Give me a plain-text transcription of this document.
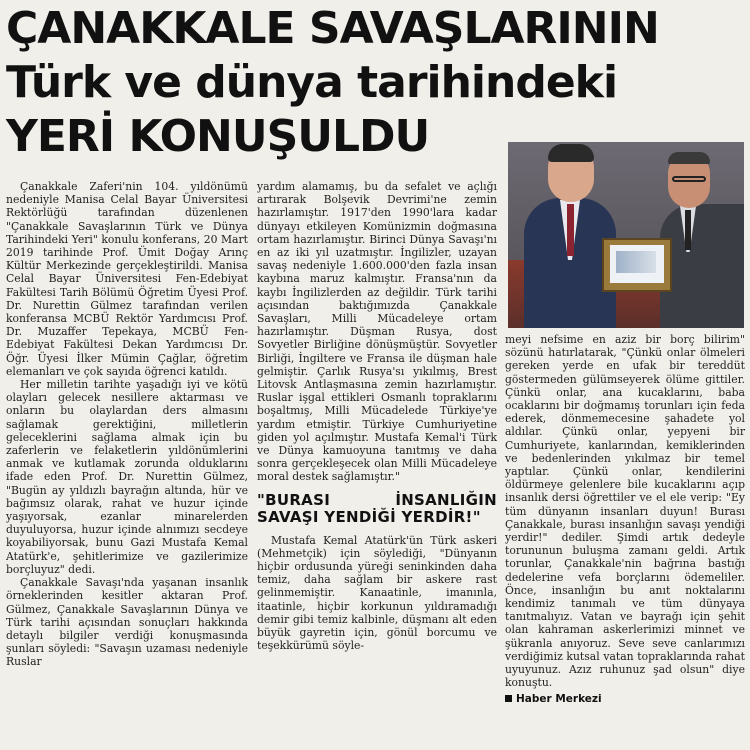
ÇANAKKALE SAVAŞLARININ
Türk ve dünya tarihindeki
YERİ KONUŞULDU

Çanakkale Zaferi'nin 104. yıldönümü nedeniyle Manisa Celal Bayar Üniversitesi Rektörlüğü tarafından düzenlenen "Çanakkale Savaşlarının Türk ve Dünya Tarihindeki Yeri" konulu konferans, 20 Mart 2019 tarihinde Prof. Ümit Doğay Arınç Kültür Merkezinde gerçekleştirildi. Manisa Celal Bayar Üniversitesi Fen-Edebiyat Fakültesi Tarih Bölümü Öğretim Üyesi Prof. Dr. Nurettin Gülmez tarafından verilen konferansa MCBÜ Rektör Yardımcısı Prof. Dr. Muzaffer Tepekaya, MCBÜ Fen-Edebiyat Fakültesi Dekan Yardımcısı Dr. Öğr. Üyesi İlker Mümin Çağlar, öğretim elemanları ve çok sayıda öğrenci katıldı.

Her milletin tarihte yaşadığı iyi ve kötü olayları gelecek nesillere aktarması ve onların bu olaylardan ders almasını sağlamak gerektiğini, milletlerin geleceklerini sağlama almak için bu zaferlerin ve felaketlerin yıldönümlerini anmak ve kutlamak zorunda olduklarını ifade eden Prof. Dr. Nurettin Gülmez, "Bugün ay yıldızlı bayrağın altında, hür ve bağımsız olarak, rahat ve huzur içinde yaşıyorsak, ezanlar minarelerden duyuluyorsa, huzur içinde alnımızı secdeye koyabiliyorsak, bunu Gazi Mustafa Kemal Atatürk'e, şehitlerimize ve gazilerimize borçluyuz" dedi.

Çanakkale Savaşı'nda yaşanan insanlık örneklerinden kesitler aktaran Prof. Gülmez, Çanakkale Savaşlarının Dünya ve Türk tarihi açısından sonuçları hakkında detaylı bilgiler verdiği konuşmasında şunları söyledi: "Savaşın uzaması nedeniyle Ruslar

yardım alamamış, bu da sefalet ve açlığı artırarak Bolşevik Devrimi'ne zemin hazırlamıştır. 1917'den 1990'lara kadar dünyayı etkileyen Komünizmin doğmasına ortam hazırlamıştır. Birinci Dünya Savaşı'nı en az iki yıl uzatmıştır. İngilizler, uzayan savaş nedeniyle 1.600.000'den fazla insan kaybına maruz kalmıştır. Fransa'nın da kaybı İngilizlerden az değildir. Türk tarihi açısından baktığımızda Çanakkale Savaşları, Milli Mücadeleye ortam hazırlamıştır. Düşman Rusya, dost Sovyetler Birliğine dönüşmüştür. Sovyetler Birliği, İngiltere ve Fransa ile düşman hale gelmiştir. Çarlık Rusya'sı yıkılmış, Brest Litovsk Antlaşmasına zemin hazırlamıştır. Ruslar işgal ettikleri Osmanlı topraklarını boşaltmış, Milli Mücadelede Türkiye'ye yardım etmiştir. Türkiye Cumhuriyetine giden yol açılmıştır. Mustafa Kemal'i Türk ve Dünya kamuoyuna tanıtmış ve daha sonra gerçekleşecek olan Milli Mücadeleye moral destek sağlamıştır."

"BURASI İNSANLIĞIN SAVAŞI YENDİĞİ YERDİR!"

Mustafa Kemal Atatürk'ün Türk askeri (Mehmetçik) için söylediği, "Dünyanın hiçbir ordusunda yüreği seninkinden daha temiz, daha sağlam bir askere rast gelinmemiştir. Kanaatinle, imanınla, itaatinle, hiçbir korkunun yıldıramadığı demir gibi temiz kalbinle, düşmanı alt eden büyük gayretin için, gönül borcumu ve teşekkürümü söyle-

meyi nefsime en aziz bir borç bilirim" sözünü hatırlatarak, "Çünkü onlar ölmeleri gereken yerde en ufak bir tereddüt göstermeden gülümseyerek ölüme gittiler. Çünkü onlar, ana kucaklarını, baba ocaklarını bir doğmamış torunları için feda ederek, dönmemecesine şahadete yol aldılar. Çünkü onlar, yepyeni bir Cumhuriyete, kanlarından, kemiklerinden ve bedenlerinden yıkılmaz bir temel yaptılar. Çünkü onlar, kendilerini öldürmeye gelenlere bile kucaklarını açıp insanlık dersi öğrettiler ve el ele verip: "Ey tüm dünyanın insanları duyun! Burası Çanakkale, burası insanlığın savaşı yendiği yerdir!" dediler. Şimdi artık dedeyle torununun buluşma zamanı geldi. Artık torunlar, Çanakkale'nin bağrına bastığı dedelerine vefa borçlarını ödemeliler. Önce, insanlığın bu anıt noktalarını kendimiz tanımalı ve tüm dünyaya tanıtmalıyız. Vatan ve bayrağı için şehit olan kahraman askerlerimizi minnet ve şükranla anıyoruz. Seve seve canlarımızı verdiğimiz kutsal vatan topraklarında rahat uyuyunuz. Azız ruhunuz şad olsun" diye konuştu.

Haber Merkezi
